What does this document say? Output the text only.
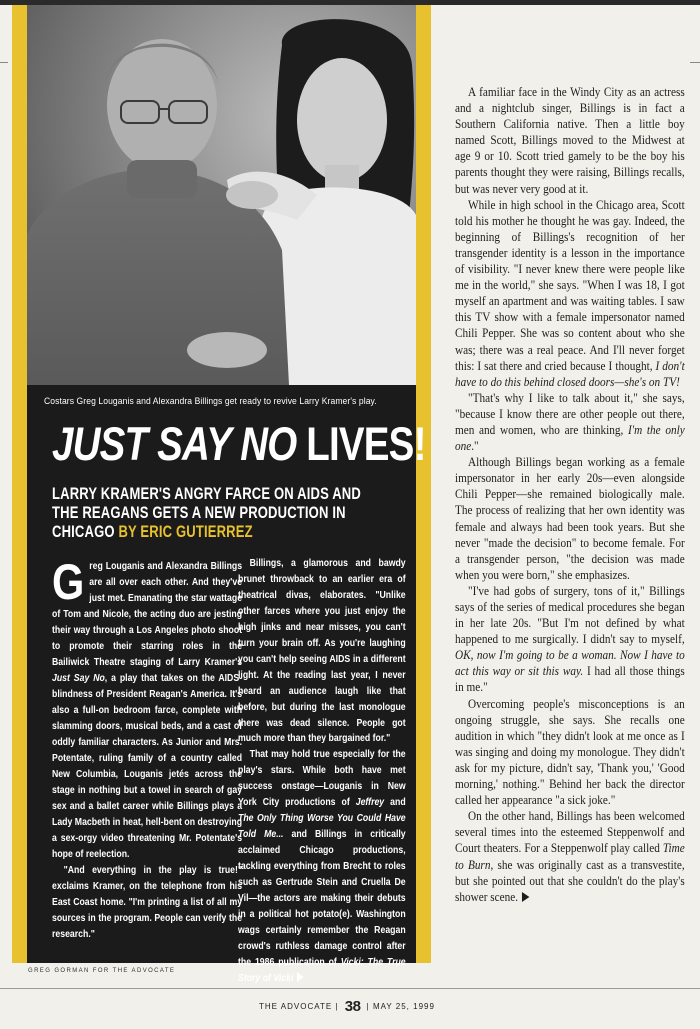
Costars Greg Louganis and Alexandra Billings get ready to revive Larry Kramer's play.
JUST SAY NO LIVES!
LARRY KRAMER'S ANGRY FARCE ON AIDS AND THE REAGANS GETS A NEW PRODUCTION IN CHICAGO BY ERIC GUTIERREZ

Greg Louganis and Alexandra Billings are all over each other. And they've just met. Emanating the star wattage of Tom and Nicole, the acting duo are jesting their way through a Los Angeles photo shoot to promote their starring roles in the Bailiwick Theatre staging of Larry Kramer's Just Say No, a play that takes on the AIDS-blindness of President Reagan's America. It's also a full-on bedroom farce, complete with slamming doors, musical beds, and a cast of oddly familiar characters. As Junior and Mrs. Potentate, ruling family of a country called New Columbia, Louganis jetés across the stage in nothing but a towel in search of gay sex and a ballet career while Billings plays a Lady Macbeth in heat, hell-bent on destroying a sex-orgy video threatening Mr. Potentate's hope of reelection.

"And everything in the play is true!" exclaims Kramer, on the telephone from his East Coast home. "I'm printing a list of all my sources in the program. People can verify the research."

Billings, a glamorous and bawdy brunet throwback to an earlier era of theatrical divas, elaborates. "Unlike other farces where you just enjoy the high jinks and near misses, you can't turn your brain off. As you're laughing you can't help seeing AIDS in a different light. At the reading last year, I never heard an audience laugh like that before, but during the last monologue there was dead silence. People got much more than they bargained for."

That may hold true especially for the play's stars. While both have met success onstage—Louganis in New York City productions of Jeffrey and The Only Thing Worse You Could Have Told Me... and Billings in critically acclaimed Chicago productions, tackling everything from Brecht to roles such as Gertrude Stein and Cruella De Vil—the actors are making their debuts in a political hot potato(e). Washington wags certainly remember the Reagan crowd's ruthless damage control after the 1986 publication of Vicki: The True Story of Vicki

GREG GORMAN FOR THE ADVOCATE

A familiar face in the Windy City as an actress and a nightclub singer, Billings is in fact a Southern California native. Then a little boy named Scott, Billings moved to the Midwest at age 9 or 10. Scott tried gamely to be the boy his parents thought they were raising, Billings recalls, but was never very good at it.

While in high school in the Chicago area, Scott told his mother he thought he was gay. Indeed, the beginning of Billings's recognition of her transgender identity is a lesson in the importance of visibility. "I never knew there were people like me in the world," she says. "When I was 18, I got myself an apartment and was waiting tables. I saw this TV show with a female impersonator named Chili Pepper. She was so content about who she was; there was a real peace. And I'll never forget this: I sat there and cried because I thought, I don't have to do this behind closed doors—she's on TV!

"That's why I like to talk about it," she says, "because I know there are other people out there, men and women, who are thinking, I'm the only one."

Although Billings began working as a female impersonator in her early 20s—even alongside Chili Pepper—she remained biologically male. The process of realizing that her own identity was female and always had been took years. But she never "made the decision" to become female. For a transgender person, "the decision was made when you were born," she emphasizes.

"I've had gobs of surgery, tons of it," Billings says of the series of medical procedures she began in her late 20s. "But I'm not defined by what happened to me surgically. I didn't say to myself, OK, now I'm going to be a woman. Now I have to act this way or sit this way. I had all those things in me."

Overcoming people's misconceptions is an ongoing struggle, she says. She recalls one audition in which "they didn't look at me once as I was singing and doing my monologue. They didn't ask for my picture, didn't say, 'Thank you,' 'Good morning,' nothing." Behind her back the director called her appearance "a sick joke."

On the other hand, Billings has been welcomed several times into the esteemed Steppenwolf and Court theaters. For a Steppenwolf play called Time to Burn, she was originally cast as a transvestite, but she pointed out that she couldn't do the play's shower scene.

THE ADVOCATE | 38 | MAY 25, 1999
